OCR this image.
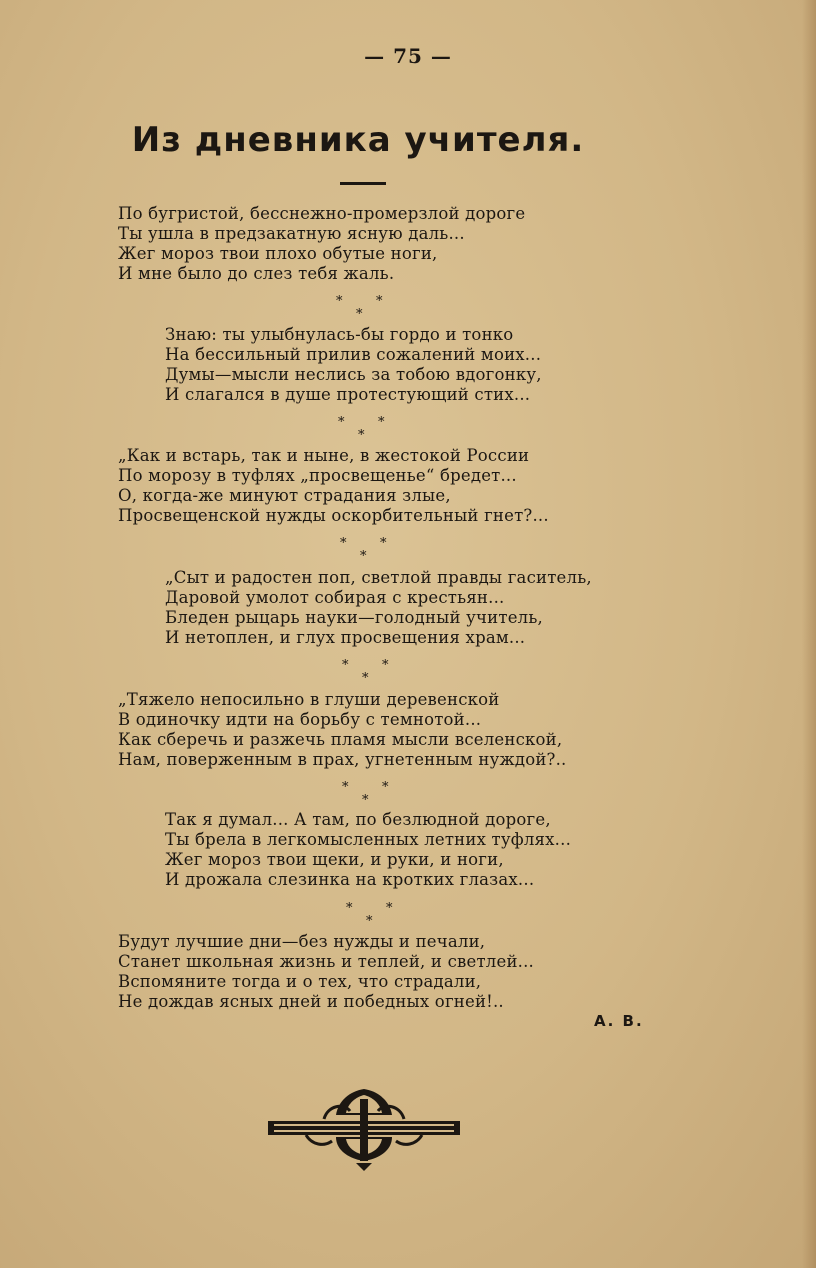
— 75 —
Из дневника учителя.
По бугристой, бесснежно-промерзлой дороге
Ты ушла в предзакатную ясную даль...
Жег мороз твои плохо обутые ноги,
И мне было до слез тебя жаль.
*	*
*
Знаю: ты улыбнулась-бы гордо и тонко
На бессильный прилив сожалений моих...
Думы—мысли неслись за тобою вдогонку,
И слагался в душе протестующий стих...
*	*
*
„Как и встарь, так и ныне, в жестокой России
По морозу в туфлях „просвещенье“ бредет...
О, когда-же минуют страдания злые,
Просвещенской нужды оскорбительный гнет?...
*	*
*
„Сыт и радостен поп, светлой правды гаситель,
Даровой умолот собирая с крестьян...
Бледен рыцарь науки—голодный учитель,
И нетоплен, и глух просвещения храм...
*	*
*
„Тяжело непосильно в глуши деревенской
В одиночку идти на борьбу с темнотой...
Как сберечь и разжечь пламя мысли вселенской,
Нам, поверженным в прах, угнетенным нуждой?..
*	*
*
Так я думал... А там, по безлюдной дороге,
Ты брела в легкомысленных летних туфлях...
Жег мороз твои щеки, и руки, и ноги,
И дрожала слезинка на кротких глазах...
*	*
*
Будут лучшие дни—без нужды и печали,
Станет школьная жизнь и теплей, и светлей...
Вспомяните тогда и о тех, что страдали,
Не дождав ясных дней и победных огней!..
А. В.
